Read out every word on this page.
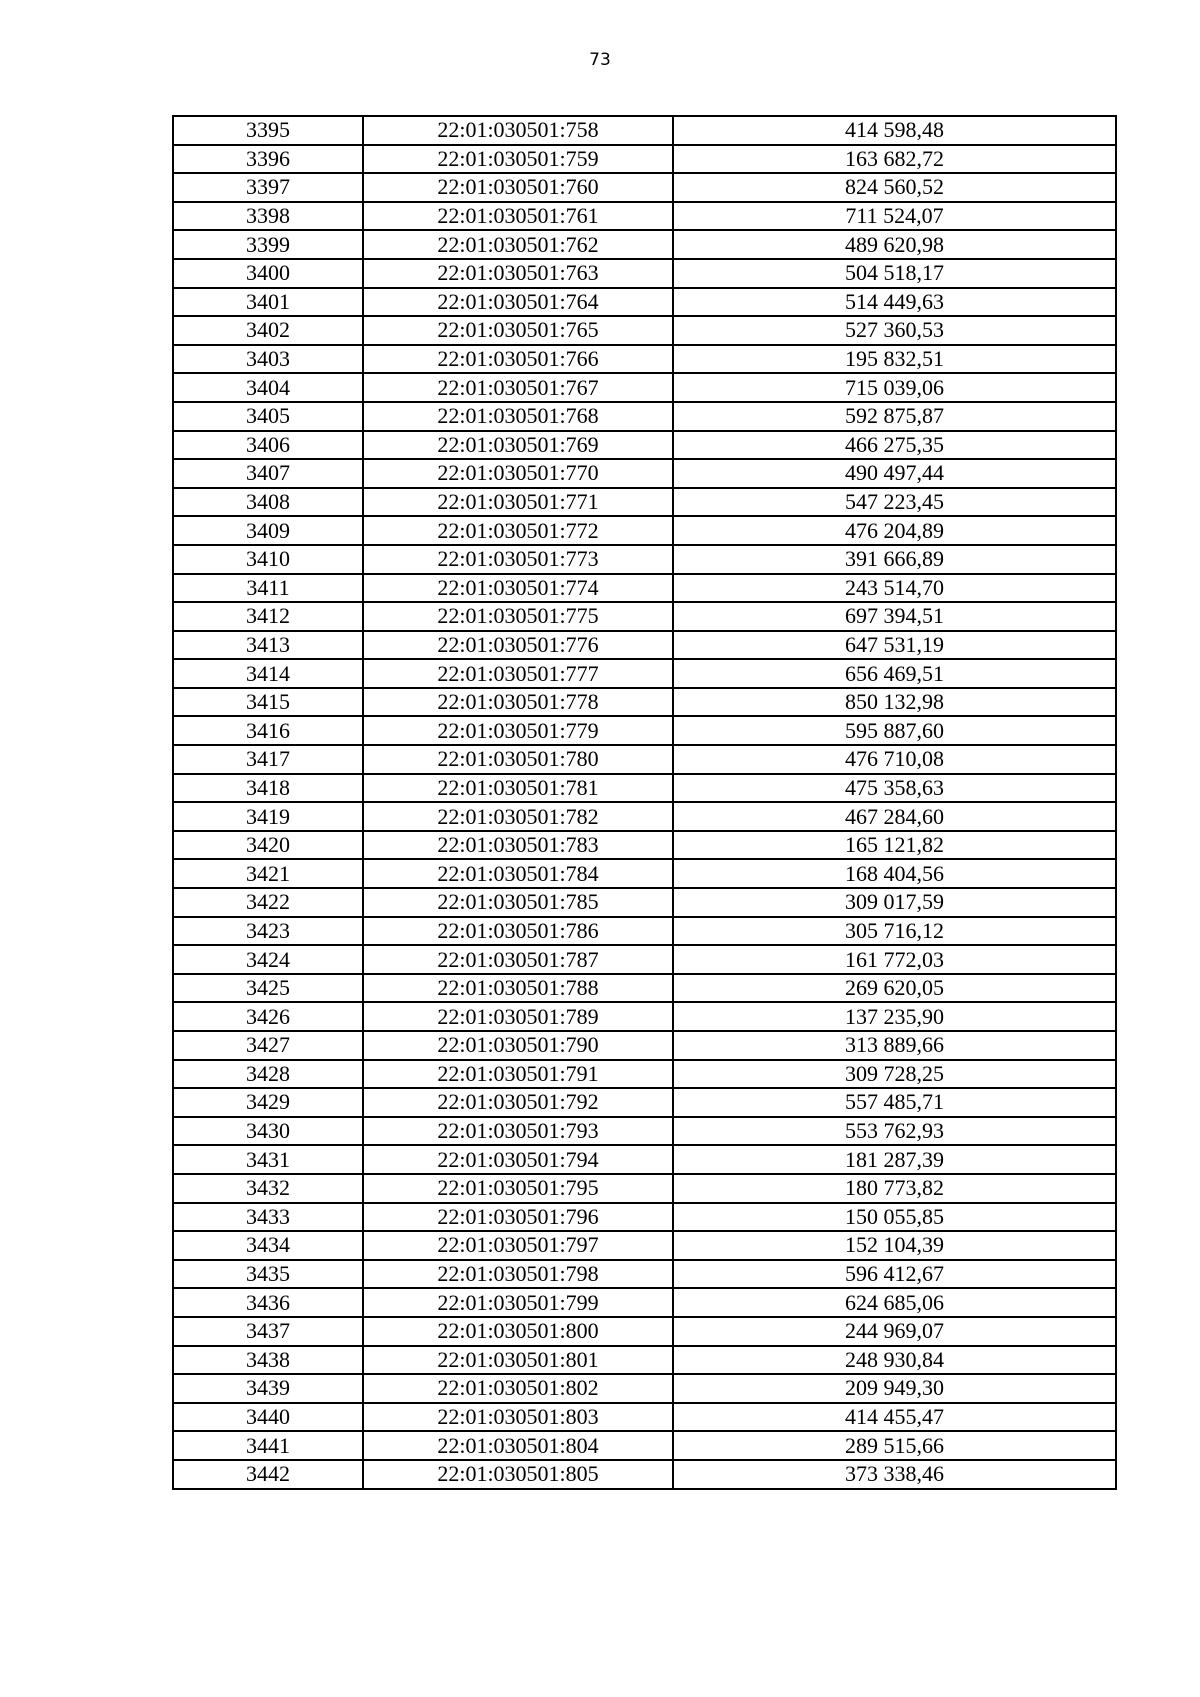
73
3395	22:01:030501:758	414 598,48
3396	22:01:030501:759	163 682,72
3397	22:01:030501:760	824 560,52
3398	22:01:030501:761	711 524,07
3399	22:01:030501:762	489 620,98
3400	22:01:030501:763	504 518,17
3401	22:01:030501:764	514 449,63
3402	22:01:030501:765	527 360,53
3403	22:01:030501:766	195 832,51
3404	22:01:030501:767	715 039,06
3405	22:01:030501:768	592 875,87
3406	22:01:030501:769	466 275,35
3407	22:01:030501:770	490 497,44
3408	22:01:030501:771	547 223,45
3409	22:01:030501:772	476 204,89
3410	22:01:030501:773	391 666,89
3411	22:01:030501:774	243 514,70
3412	22:01:030501:775	697 394,51
3413	22:01:030501:776	647 531,19
3414	22:01:030501:777	656 469,51
3415	22:01:030501:778	850 132,98
3416	22:01:030501:779	595 887,60
3417	22:01:030501:780	476 710,08
3418	22:01:030501:781	475 358,63
3419	22:01:030501:782	467 284,60
3420	22:01:030501:783	165 121,82
3421	22:01:030501:784	168 404,56
3422	22:01:030501:785	309 017,59
3423	22:01:030501:786	305 716,12
3424	22:01:030501:787	161 772,03
3425	22:01:030501:788	269 620,05
3426	22:01:030501:789	137 235,90
3427	22:01:030501:790	313 889,66
3428	22:01:030501:791	309 728,25
3429	22:01:030501:792	557 485,71
3430	22:01:030501:793	553 762,93
3431	22:01:030501:794	181 287,39
3432	22:01:030501:795	180 773,82
3433	22:01:030501:796	150 055,85
3434	22:01:030501:797	152 104,39
3435	22:01:030501:798	596 412,67
3436	22:01:030501:799	624 685,06
3437	22:01:030501:800	244 969,07
3438	22:01:030501:801	248 930,84
3439	22:01:030501:802	209 949,30
3440	22:01:030501:803	414 455,47
3441	22:01:030501:804	289 515,66
3442	22:01:030501:805	373 338,46
